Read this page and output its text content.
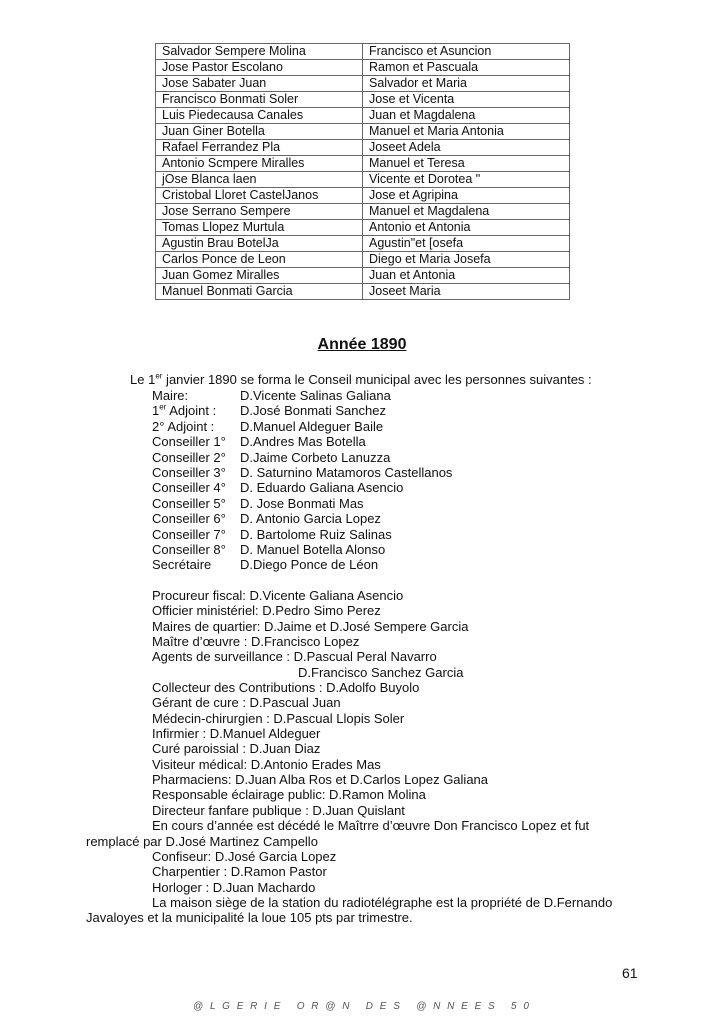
Salvador Sempere Molina	Francisco et Asuncion
Jose Pastor Escolano	Ramon et Pascuala
Jose Sabater Juan	Salvador et Maria
Francisco Bonmati Soler	Jose et Vicenta
Luis Piedecausa Canales	Juan et Magdalena
Juan Giner Botella	Manuel et Maria Antonia
Rafael Ferrandez Pla	Joseet Adela
Antonio Scmpere Miralles	Manuel et Teresa
jOse Blanca laen	Vicente et Dorotea "
Cristobal Lloret CastelJanos	Jose et Agripina
Jose Serrano Sempere	Manuel et Magdalena
Tomas Llopez Murtula	Antonio et Antonia
Agustin Brau BotelJa	Agustin"et [osefa
Carlos Ponce de Leon	Diego et Maria Josefa
Juan Gomez Miralles	Juan et Antonia
Manuel Bonmati Garcia	Joseet Maria
Année 1890
Le 1er janvier 1890 se forma le Conseil municipal avec les personnes suivantes :
Maire:	D.Vicente Salinas Galiana
1er Adjoint :	D.José Bonmati Sanchez
2° Adjoint :	D.Manuel Aldeguer Baile
Conseiller 1°	D.Andres Mas Botella
Conseiller 2°	D.Jaime Corbeto Lanuzza
Conseiller 3°	D. Saturnino Matamoros Castellanos
Conseiller 4°	D. Eduardo Galiana Asencio
Conseiller 5°	D. Jose Bonmati Mas
Conseiller 6°	D. Antonio Garcia Lopez
Conseiller 7°	D. Bartolome Ruiz Salinas
Conseiller 8°	D. Manuel Botella Alonso
Secrétaire	D.Diego Ponce de Léon
Procureur fiscal: D.Vicente Galiana Asencio
Officier ministériel: D.Pedro Simo Perez
Maires de quartier: D.Jaime et D.José Sempere Garcia
Maître d’œuvre : D.Francisco Lopez
Agents de surveillance : D.Pascual Peral Navarro
D.Francisco Sanchez Garcia
Collecteur des Contributions : D.Adolfo Buyolo
Gérant de cure : D.Pascual Juan
Médecin-chirurgien : D.Pascual Llopis Soler
Infirmier : D.Manuel Aldeguer
Curé paroissial : D.Juan Diaz
Visiteur médical: D.Antonio Erades Mas
Pharmaciens: D.Juan Alba Ros et D.Carlos Lopez Galiana
Responsable éclairage public: D.Ramon Molina
Directeur fanfare publique : D.Juan Quislant
En cours d’année est décédé le Maîtrre d’œuvre Don Francisco Lopez et fut
remplacé par D.José Martinez Campello
Confiseur: D.José Garcia Lopez
Charpentier : D.Ramon Pastor
Horloger : D.Juan Machardo
La maison siège de la station du radiotélégraphe est la propriété de D.Fernando
Javaloyes et la municipalité la loue 105 pts par trimestre.
61
@ L G E R I E   O R @ N   D E S   @ N N E E S   5 0
